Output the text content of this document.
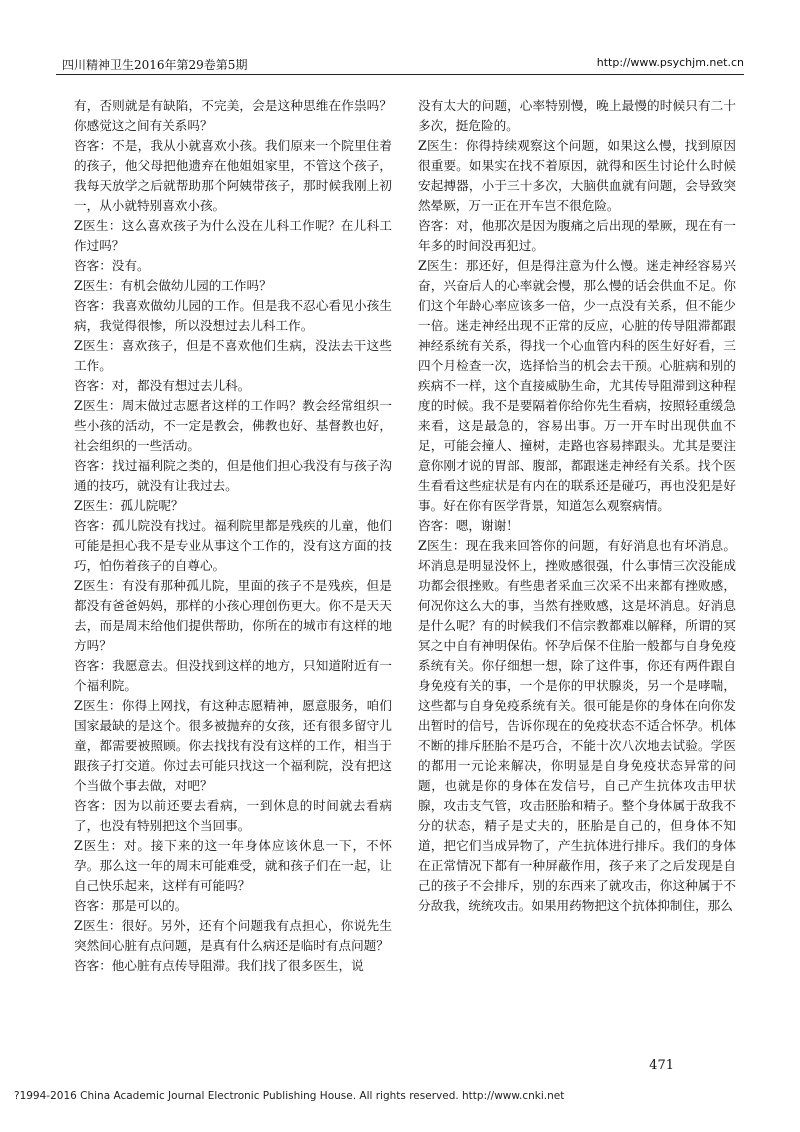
四川精神卫生2016年第29卷第5期	http://www.psychjm.net.cn

有，否则就是有缺陷，不完美，会是这种思维在作祟吗？你感觉这之间有关系吗？

咨客：不是，我从小就喜欢小孩。我们原来一个院里住着的孩子，他父母把他遗弃在他姐姐家里，不管这个孩子，我每天放学之后就帮助那个阿姨带孩子，那时候我刚上初一，从小就特别喜欢小孩。

Z医生：这么喜欢孩子为什么没在儿科工作呢？在儿科工作过吗？

咨客：没有。

Z医生：有机会做幼儿园的工作吗？

咨客：我喜欢做幼儿园的工作。但是我不忍心看见小孩生病，我觉得很惨，所以没想过去儿科工作。

Z医生：喜欢孩子，但是不喜欢他们生病，没法去干这些工作。

咨客：对，都没有想过去儿科。

Z医生：周末做过志愿者这样的工作吗？教会经常组织一些小孩的活动，不一定是教会，佛教也好、基督教也好，社会组织的一些活动。

咨客：找过福利院之类的，但是他们担心我没有与孩子沟通的技巧，就没有让我过去。

Z医生：孤儿院呢？

咨客：孤儿院没有找过。福利院里都是残疾的儿童，他们可能是担心我不是专业从事这个工作的，没有这方面的技巧，怕伤着孩子的自尊心。

Z医生：有没有那种孤儿院，里面的孩子不是残疾，但是都没有爸爸妈妈，那样的小孩心理创伤更大。你不是天天去，而是周末给他们提供帮助，你所在的城市有这样的地方吗？

咨客：我愿意去。但没找到这样的地方，只知道附近有一个福利院。

Z医生：你得上网找，有这种志愿精神，愿意服务，咱们国家最缺的是这个。很多被抛弃的女孩，还有很多留守儿童，都需要被照顾。你去找找有没有这样的工作，相当于跟孩子打交道。你过去可能只找这一个福利院，没有把这个当做个事去做，对吧？

咨客：因为以前还要去看病，一到休息的时间就去看病了，也没有特别把这个当回事。

Z医生：对。接下来的这一年身体应该休息一下，不怀孕。那么这一年的周末可能难受，就和孩子们在一起，让自己快乐起来，这样有可能吗？

咨客：那是可以的。

Z医生：很好。另外，还有个问题我有点担心，你说先生突然间心脏有点问题，是真有什么病还是临时有点问题？

咨客：他心脏有点传导阻滞。我们找了很多医生，说

没有太大的问题，心率特别慢，晚上最慢的时候只有二十多次，挺危险的。

Z医生：你得持续观察这个问题，如果这么慢，找到原因很重要。如果实在找不着原因，就得和医生讨论什么时候安起搏器，小于三十多次，大脑供血就有问题，会导致突然晕厥，万一正在开车岂不很危险。

咨客：对，他那次是因为腹痛之后出现的晕厥，现在有一年多的时间没再犯过。

Z医生：那还好，但是得注意为什么慢。迷走神经容易兴奋，兴奋后人的心率就会慢，那么慢的话会供血不足。你们这个年龄心率应该多一倍，少一点没有关系，但不能少一倍。迷走神经出现不正常的反应，心脏的传导阻滞都跟神经系统有关系，得找一个心血管内科的医生好好看，三四个月检查一次，选择恰当的机会去干预。心脏病和别的疾病不一样，这个直接威胁生命，尤其传导阻滞到这种程度的时候。我不是要隔着你给你先生看病，按照轻重缓急来看，这是最急的，容易出事。万一开车时出现供血不足，可能会撞人、撞树，走路也容易摔跟头。尤其是要注意你刚才说的胃部、腹部，都跟迷走神经有关系。找个医生看看这些症状是有内在的联系还是碰巧，再也没犯是好事。好在你有医学背景，知道怎么观察病情。

咨客：嗯，谢谢！

Z医生：现在我来回答你的问题，有好消息也有坏消息。坏消息是明显没怀上，挫败感很强，什么事情三次没能成功都会很挫败。有些患者采血三次采不出来都有挫败感，何况你这么大的事，当然有挫败感，这是坏消息。好消息是什么呢？有的时候我们不信宗教都难以解释，所谓的冥冥之中自有神明保佑。怀孕后保不住胎一般都与自身免疫系统有关。你仔细想一想，除了这件事，你还有两件跟自身免疫有关的事，一个是你的甲状腺炎，另一个是哮喘，这些都与自身免疫系统有关。很可能是你的身体在向你发出暂时的信号，告诉你现在的免疫状态不适合怀孕。机体不断的排斥胚胎不是巧合，不能十次八次地去试验。学医的都用一元论来解决，你明显是自身免疫状态异常的问题，也就是你的身体在发信号，自己产生抗体攻击甲状腺，攻击支气管，攻击胚胎和精子。整个身体属于敌我不分的状态，精子是丈夫的，胚胎是自己的，但身体不知道，把它们当成异物了，产生抗体进行排斥。我们的身体在正常情况下都有一种屏蔽作用，孩子来了之后发现是自己的孩子不会排斥，别的东西来了就攻击，你这种属于不分敌我，统统攻击。如果用药物把这个抗体抑制住，那么

471
?1994-2016 China Academic Journal Electronic Publishing House. All rights reserved. http://www.cnki.net
